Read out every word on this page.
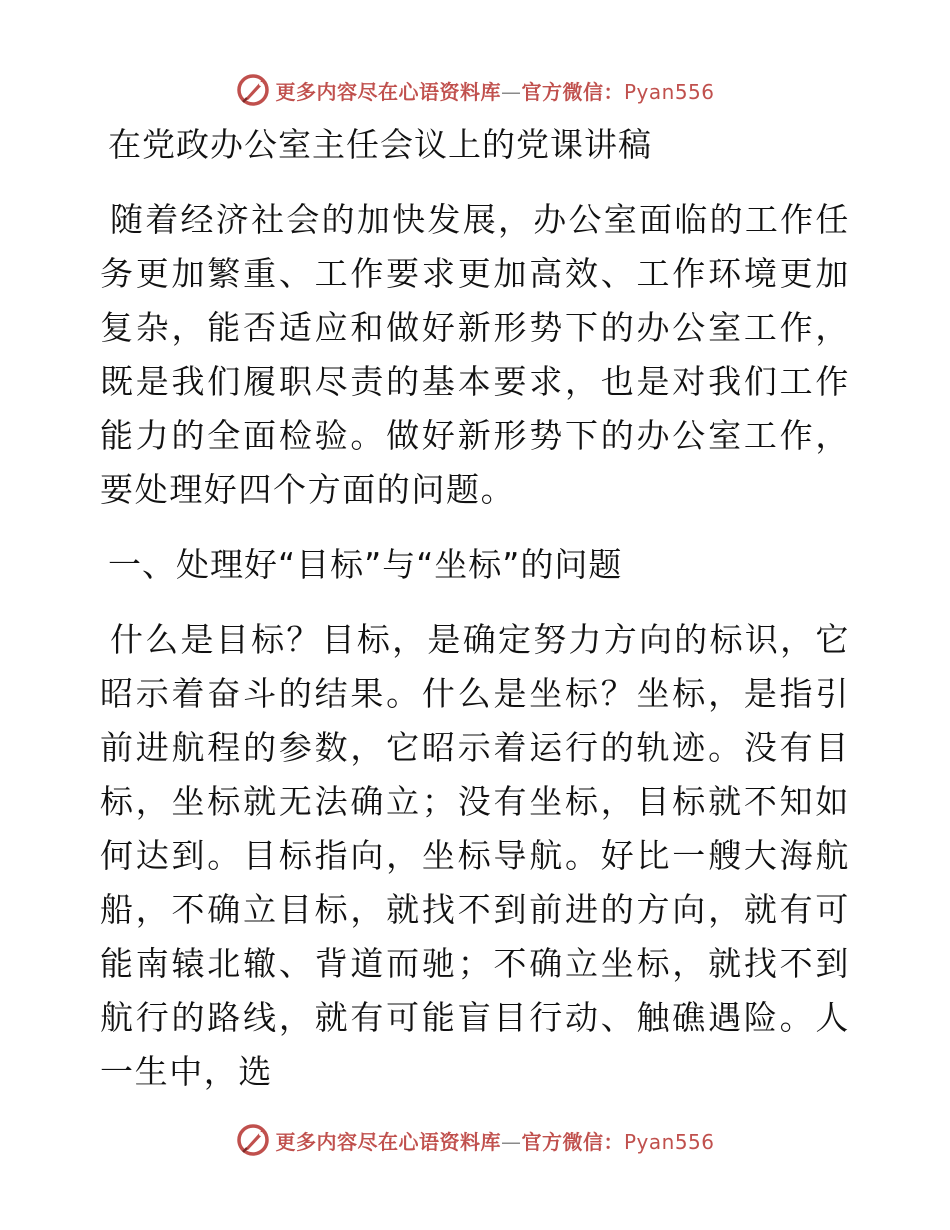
更多内容尽在心语资料库—官方微信：Pyan556

在党政办公室主任会议上的党课讲稿

随着经济社会的加快发展，办公室面临的工作任务更加繁重、工作要求更加高效、工作环境更加复杂，能否适应和做好新形势下的办公室工作，既是我们履职尽责的基本要求，也是对我们工作能力的全面检验。做好新形势下的办公室工作，要处理好四个方面的问题。

一、处理好“目标”与“坐标”的问题

什么是目标？目标，是确定努力方向的标识，它昭示着奋斗的结果。什么是坐标？坐标，是指引前进航程的参数，它昭示着运行的轨迹。没有目标，坐标就无法确立；没有坐标，目标就不知如何达到。目标指向，坐标导航。好比一艘大海航船，不确立目标，就找不到前进的方向，就有可能南辕北辙、背道而驰；不确立坐标，就找不到航行的路线，就有可能盲目行动、触礁遇险。人一生中，选

更多内容尽在心语资料库—官方微信：Pyan556
